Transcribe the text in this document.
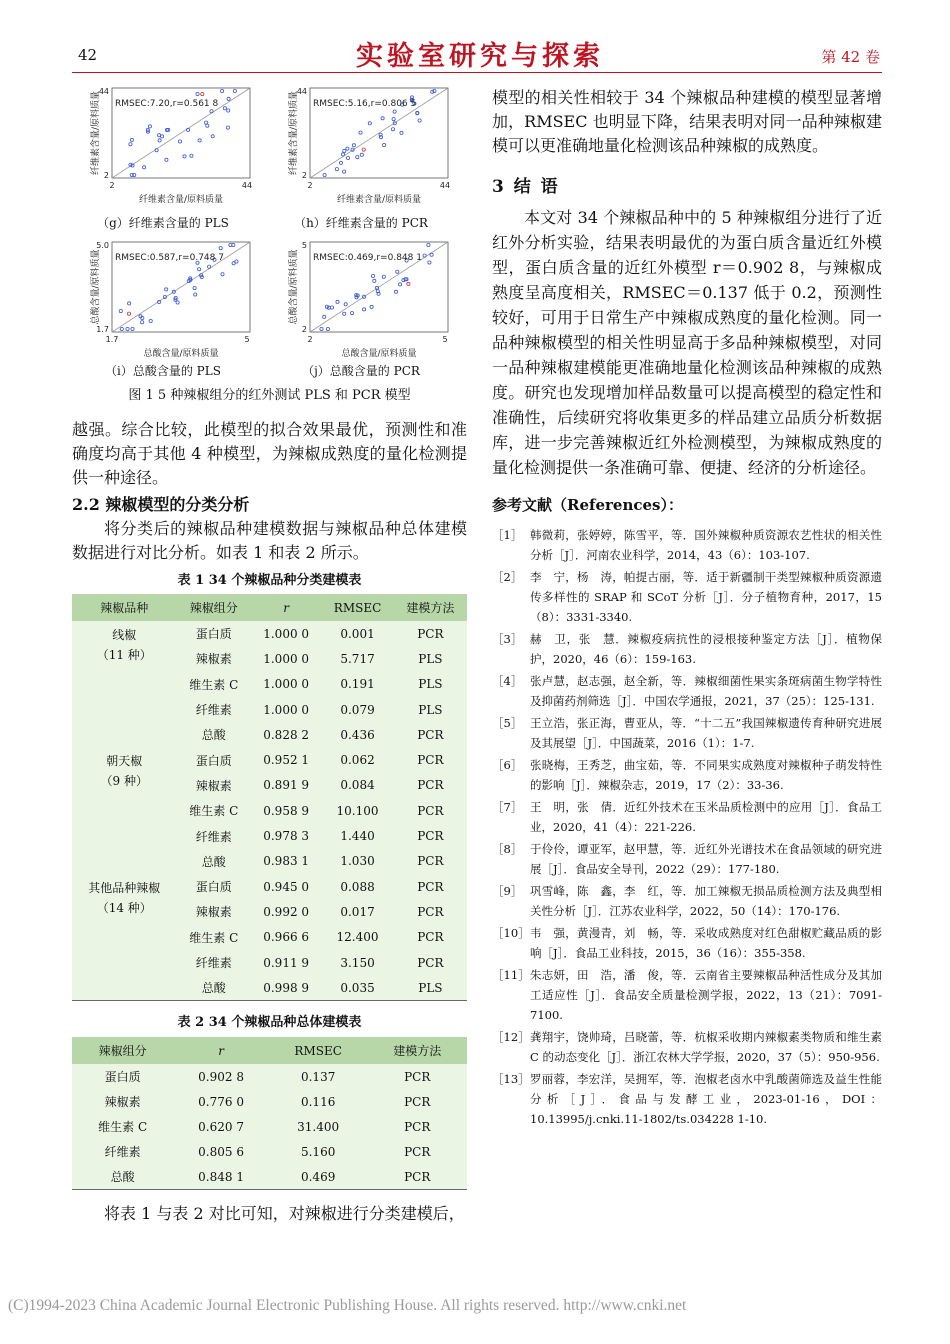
42	实验室研究与探索	第 42 卷
RMSEC:7.20,r=0.561 8
44
2
2	44
纤维素含量/原料质量
纤维素含量/原料质量
（g）纤维素含量的 PLS
RMSEC:5.16,r=0.806 5
44
2
2	44
纤维素含量/原料质量
纤维素含量/原料质量
（h）纤维素含量的 PCR
RMSEC:0.587,r=0.748 7
5.0
1.7
1.7	5
总酸含量/原料质量
总酸含量/原料质量
（i）总酸含量的 PLS
RMSEC:0.469,r=0.848 1
5
2
2	5
总酸含量/原料质量
总酸含量/原料质量
（j）总酸含量的 PCR
图 1 5 种辣椒组分的红外测试 PLS 和 PCR 模型

越强。综合比较，此模型的拟合效果最优，预测性和准确度均高于其他 4 种模型，为辣椒成熟度的量化检测提供一种途径。

2.2 辣椒模型的分类分析

将分类后的辣椒品种建模数据与辣椒品种总体建模数据进行对比分析。如表 1 和表 2 所示。

表 1 34 个辣椒品种分类建模表
辣椒品种	辣椒组分	r	RMSEC	建模方法

线椒
（11 种）	蛋白质	1.000 0	0.001	PCR
	辣椒素	1.000 0	5.717	PLS
	维生素 C	1.000 0	0.191	PLS
	纤维素	1.000 0	0.079	PLS
	总酸	0.828 2	0.436	PCR

朝天椒
（9 种）	蛋白质	0.952 1	0.062	PCR
	辣椒素	0.891 9	0.084	PCR
	维生素 C	0.958 9	10.100	PCR
	纤维素	0.978 3	1.440	PCR
	总酸	0.983 1	1.030	PCR

其他品种辣椒
（14 种）	蛋白质	0.945 0	0.088	PCR
	辣椒素	0.992 0	0.017	PCR
	维生素 C	0.966 6	12.400	PCR
	纤维素	0.911 9	3.150	PCR
	总酸	0.998 9	0.035	PLS
表 2 34 个辣椒品种总体建模表
辣椒组分	r	RMSEC	建模方法
蛋白质	0.902 8	0.137	PCR
辣椒素	0.776 0	0.116	PCR
维生素 C	0.620 7	31.400	PCR
纤维素	0.805 6	5.160	PCR
总酸	0.848 1	0.469	PCR

将表 1 与表 2 对比可知，对辣椒进行分类建模后，

模型的相关性相较于 34 个辣椒品种建模的模型显著增加，RMSEC 也明显下降，结果表明对同一品种辣椒建模可以更准确地量化检测该品种辣椒的成熟度。

3 结 语

本文对 34 个辣椒品种中的 5 种辣椒组分进行了近红外分析实验，结果表明最优的为蛋白质含量近红外模型，蛋白质含量的近红外模型 r＝0.902 8，与辣椒成熟度呈高度相关，RMSEC＝0.137 低于 0.2，预测性较好，可用于日常生产中辣椒成熟度的量化检测。同一品种辣椒模型的相关性明显高于多品种辣椒模型，对同一品种辣椒建模能更准确地量化检测该品种辣椒的成熟度。研究也发现增加样品数量可以提高模型的稳定性和准确性，后续研究将收集更多的样品建立品质分析数据库，进一步完善辣椒近红外检测模型，为辣椒成熟度的量化检测提供一条准确可靠、便捷、经济的分析途径。

参考文献（References）：

［1］ 韩微莉，张婷婷，陈雪平，等．国外辣椒种质资源农艺性状的相关性分析［J］．河南农业科学，2014，43（6）：103-107.

［2］ 李　宁，杨　涛，帕提古丽，等．适于新疆制干类型辣椒种质资源遗传多样性的 SRAP 和 SCoT 分析［J］．分子植物育种，2017，15（8）：3331-3340.

［3］ 赫　卫，张　慧．辣椒疫病抗性的浸根接种鉴定方法［J］．植物保护，2020，46（6）：159-163.

［4］ 张卢慧，赵志强，赵全新，等．辣椒细菌性果实条斑病菌生物学特性及抑菌药剂筛选［J］．中国农学通报，2021，37（25）：125-131.

［5］ 王立浩，张正海，曹亚从，等．“十二五”我国辣椒遗传育种研究进展及其展望［J］．中国蔬菜，2016（1）：1-7.

［6］ 张晓梅，王秀芝，曲宝茹，等．不同果实成熟度对辣椒种子萌发特性的影响［J］．辣椒杂志，2019，17（2）：33-36.

［7］ 王　明，张　倩．近红外技术在玉米品质检测中的应用［J］．食品工业，2020，41（4）：221-226.

［8］ 于伶伶，谭亚军，赵甲慧，等．近红外光谱技术在食品领域的研究进展［J］．食品安全导刊，2022（29）：177-180.

［9］ 巩雪峰，陈　鑫，李　红，等．加工辣椒无损品质检测方法及典型相关性分析［J］．江苏农业科学，2022，50（14）：170-176.

［10］ 韦　强，黄漫青，刘　畅，等．采收成熟度对红色甜椒贮藏品质的影响［J］．食品工业科技，2015，36（16）：355-358.

［11］ 朱志妍，田　浩，潘　俊，等．云南省主要辣椒品种活性成分及其加工适应性［J］．食品安全质量检测学报，2022，13（21）：7091-7100.

［12］ 龚翔宇，饶帅琦，吕晓蕾，等．杭椒采收期内辣椒素类物质和维生素 C 的动态变化［J］．浙江农林大学学报，2020，37（5）：950-956.

［13］ 罗丽蓉，李宏洋，吴拥军，等．泡椒老卤水中乳酸菌筛选及益生性能分析［J］．食品与发酵工业，2023-01-16，DOI：10.13995/j.cnki.11-1802/ts.034228 1-10.

(C)1994-2023 China Academic Journal Electronic Publishing House. All rights reserved. http://www.cnki.net
